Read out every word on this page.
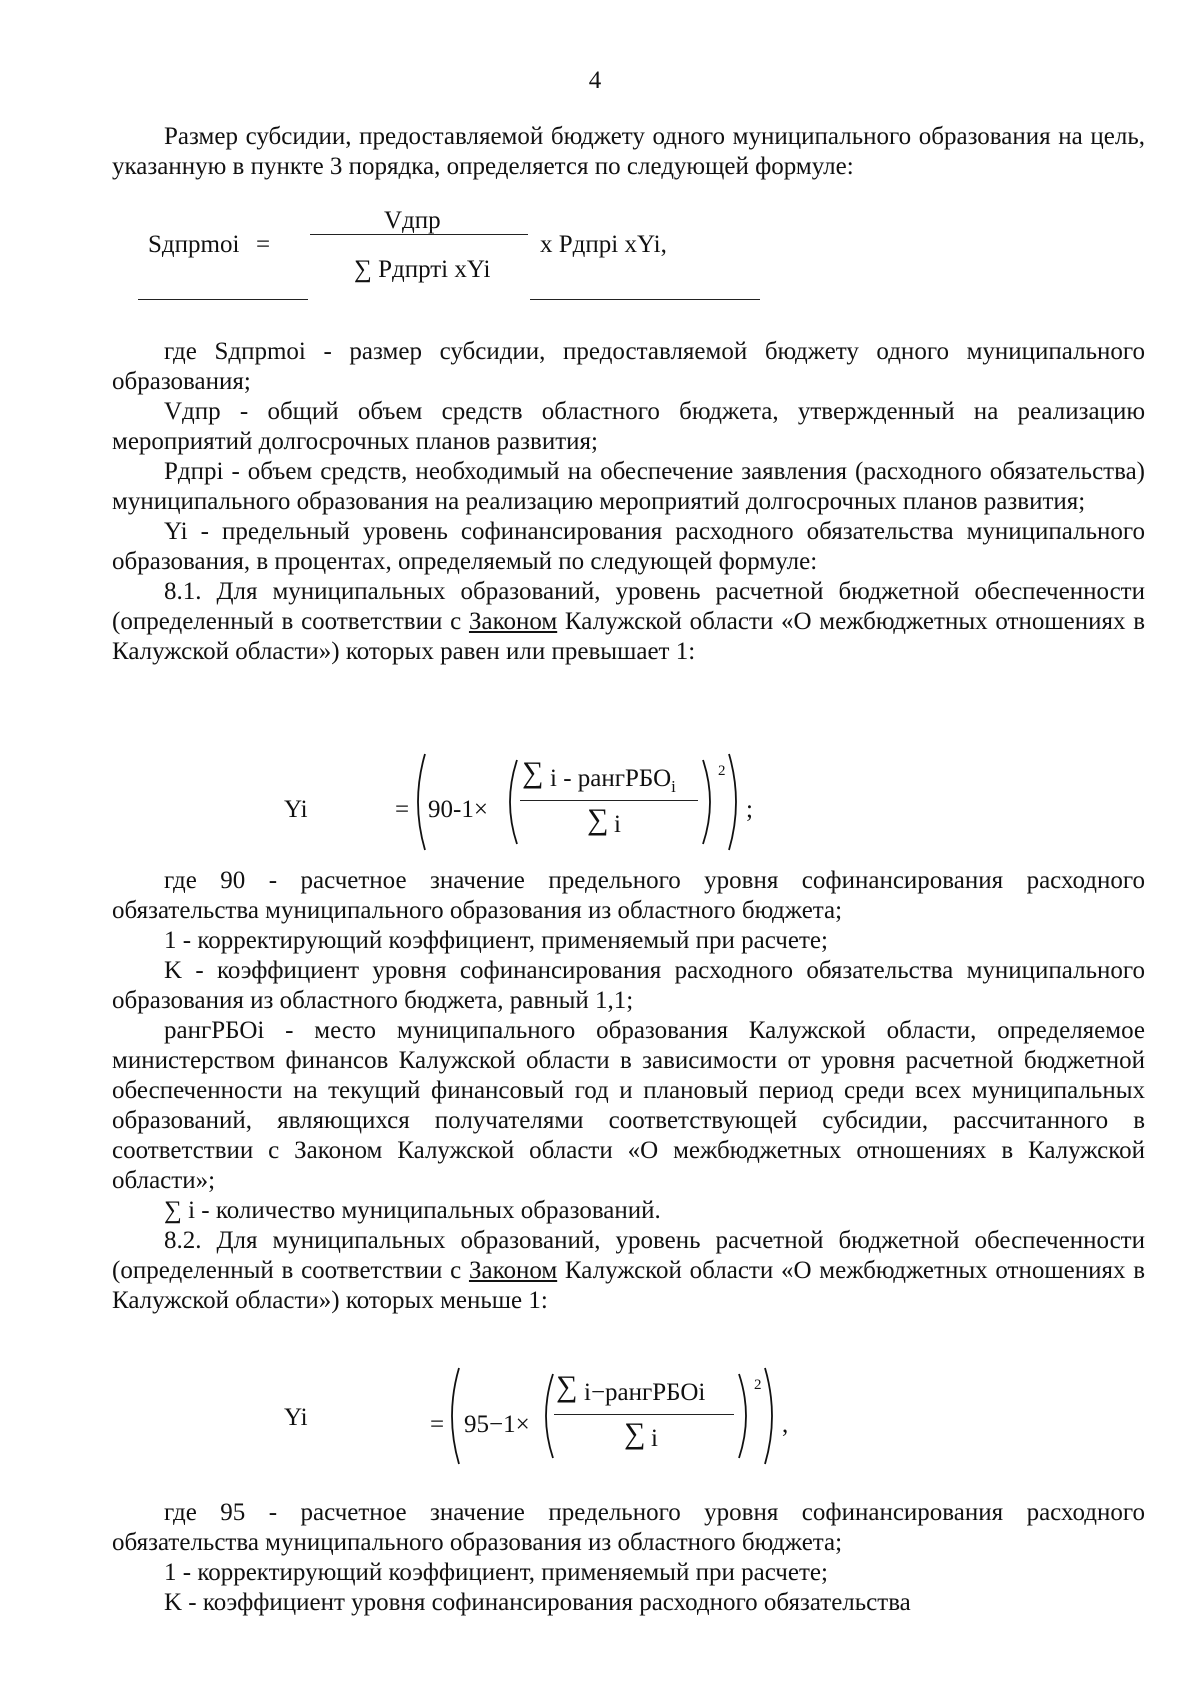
4

Размер субсидии, предоставляемой бюджету одного муниципального образования на цель, указанную в пункте 3 порядка, определяется по следующей формуле:

Sдпрmoi =
Vдпр
∑ Pдпрті xYi
x Pдпрі xYi,

где Sдпрmoi - размер субсидии, предоставляемой бюджету одного муниципального образования;

Vдпр - общий объем средств областного бюджета, утвержденный на реализацию мероприятий долгосрочных планов развития;

Pдпрі - объем средств, необходимый на обеспечение заявления (расходного обязательства) муниципального образования на реализацию мероприятий долгосрочных планов развития;

Yi - предельный уровень софинансирования расходного обязательства муниципального образования, в процентах, определяемый по следующей формуле:

8.1. Для муниципальных образований, уровень расчетной бюджетной обеспеченности (определенный в соответствии с Законом Калужской области «О межбюджетных отношениях в Калужской области») которых равен или превышает 1:

Yi	= 90-1×
∑ i - рангРБО$_i$
∑ i
2
;

где 90 - расчетное значение предельного уровня софинансирования расходного обязательства муниципального образования из областного бюджета;

1 - корректирующий коэффициент, применяемый при расчете;

K - коэффициент уровня софинансирования расходного обязательства муниципального образования из областного бюджета, равный 1,1;

рангРБОi - место муниципального образования Калужской области, определяемое министерством финансов Калужской области в зависимости от уровня расчетной бюджетной обеспеченности на текущий финансовый год и плановый период среди всех муниципальных образований, являющихся получателями соответствующей субсидии, рассчитанного в соответствии с Законом Калужской области «О межбюджетных отношениях в Калужской области»;

∑ i - количество муниципальных образований.

8.2. Для муниципальных образований, уровень расчетной бюджетной обеспеченности (определенный в соответствии с Законом Калужской области «О межбюджетных отношениях в Калужской области») которых меньше 1:

Yi	= 95−1×
∑ i−рангРБОi
∑ i
2
,

где 95 - расчетное значение предельного уровня софинансирования расходного обязательства муниципального образования из областного бюджета;

1 - корректирующий коэффициент, применяемый при расчете;

K - коэффициент уровня софинансирования расходного обязательства
